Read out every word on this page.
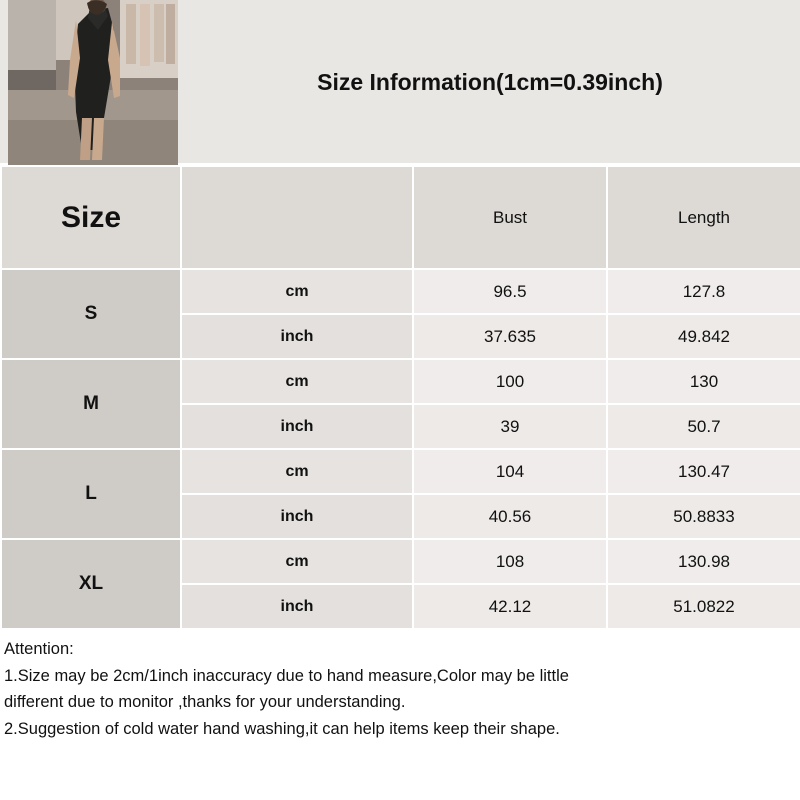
Size Information(1cm=0.39inch)
Size		Bust	Length
S	cm	96.5	127.8
	inch	37.635	49.842
M	cm	100	130
	inch	39	50.7
L	cm	104	130.47
	inch	40.56	50.8833
XL	cm	108	130.98
	inch	42.12	51.0822
Attention:
1.Size may be 2cm/1inch inaccuracy due to hand measure,Color may be little
different due to monitor ,thanks for your understanding.
2.Suggestion of cold water hand washing,it can help items keep their shape.
